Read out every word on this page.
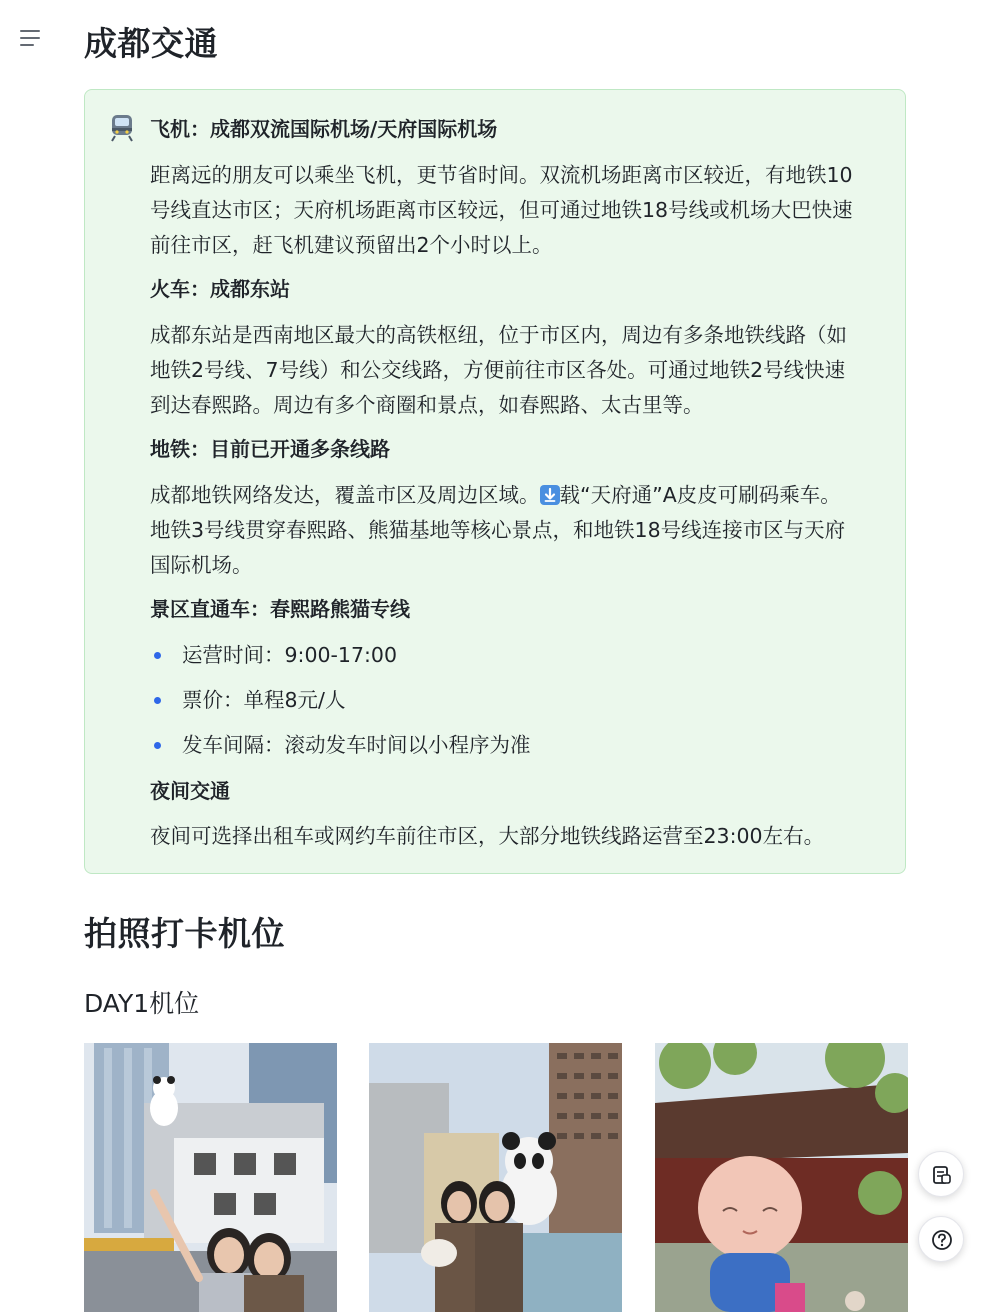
成都交通
飞机：成都双流国际机场/天府国际机场
距离远的朋友可以乘坐飞机，更节省时间。双流机场距离市区较近，有地铁10
号线直达市区；天府机场距离市区较远，但可通过地铁18号线或机场大巴快速
前往市区，赶飞机建议预留出2个小时以上。
火车：成都东站
成都东站是西南地区最大的高铁枢纽，位于市区内，周边有多条地铁线路（如
地铁2号线、7号线）和公交线路，方便前往市区各处。可通过地铁2号线快速
到达春熙路。周边有多个商圈和景点，如春熙路、太古里等。
地铁：目前已开通多条线路
成都地铁网络发达，覆盖市区及周边区域。 载“天府通”A皮皮可刷码乘车。
地铁3号线贯穿春熙路、熊猫基地等核心景点，和地铁18号线连接市区与天府
国际机场。
景区直通车：春熙路熊猫专线
运营时间：9:00-17:00
票价：单程8元/人
发车间隔：滚动发车时间以小程序为准
夜间交通
夜间可选择出租车或网约车前往市区，大部分地铁线路运营至23:00左右。
拍照打卡机位
DAY1机位
